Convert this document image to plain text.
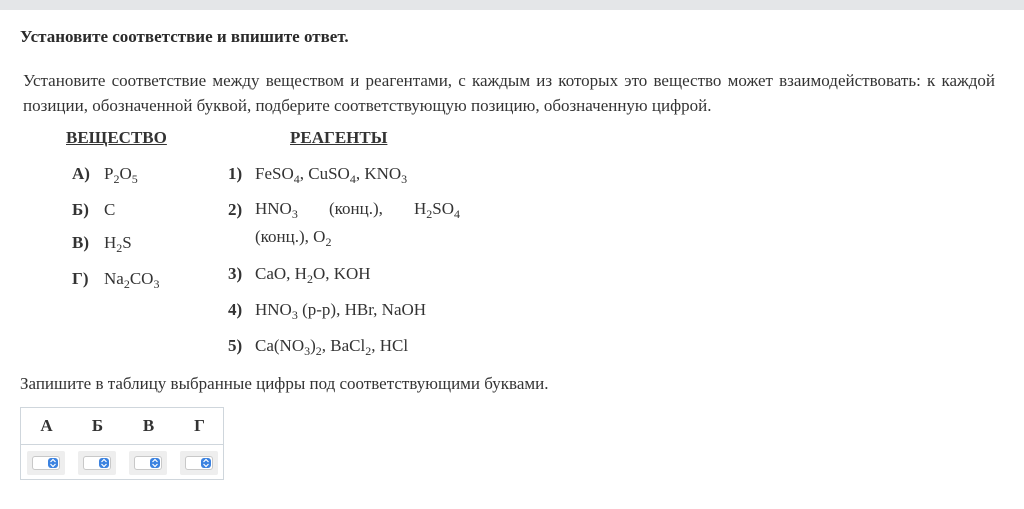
Установите соответствие и впишите ответ.
Установите соответствие между веществом и реагентами, с каждым из которых это вещество может взаимодействовать: к каждой позиции, обозначенной буквой, подберите соответствующую позицию, обозначенную цифрой.
ВЕЩЕСТВО	РЕАГЕНТЫ
А) $P_2O_5$
Б) C
В) $H_2S$
Г) $Na_2CO_3$
1) FeSO$_4$, CuSO$_4$, $KNO_3$
2) $HNO_3$ (конц.), $H_2SO_4$ (конц.), $O_2$
3) CaO, $H_2O$, KOH
4) $HNO_3$ (р-р), HBr, NaOH
5) $Ca(NO_3)_2$, BaCl$_2$, HCl
Запишите в таблицу выбранные цифры под соответствующими буквами.
А	Б	В	Г
